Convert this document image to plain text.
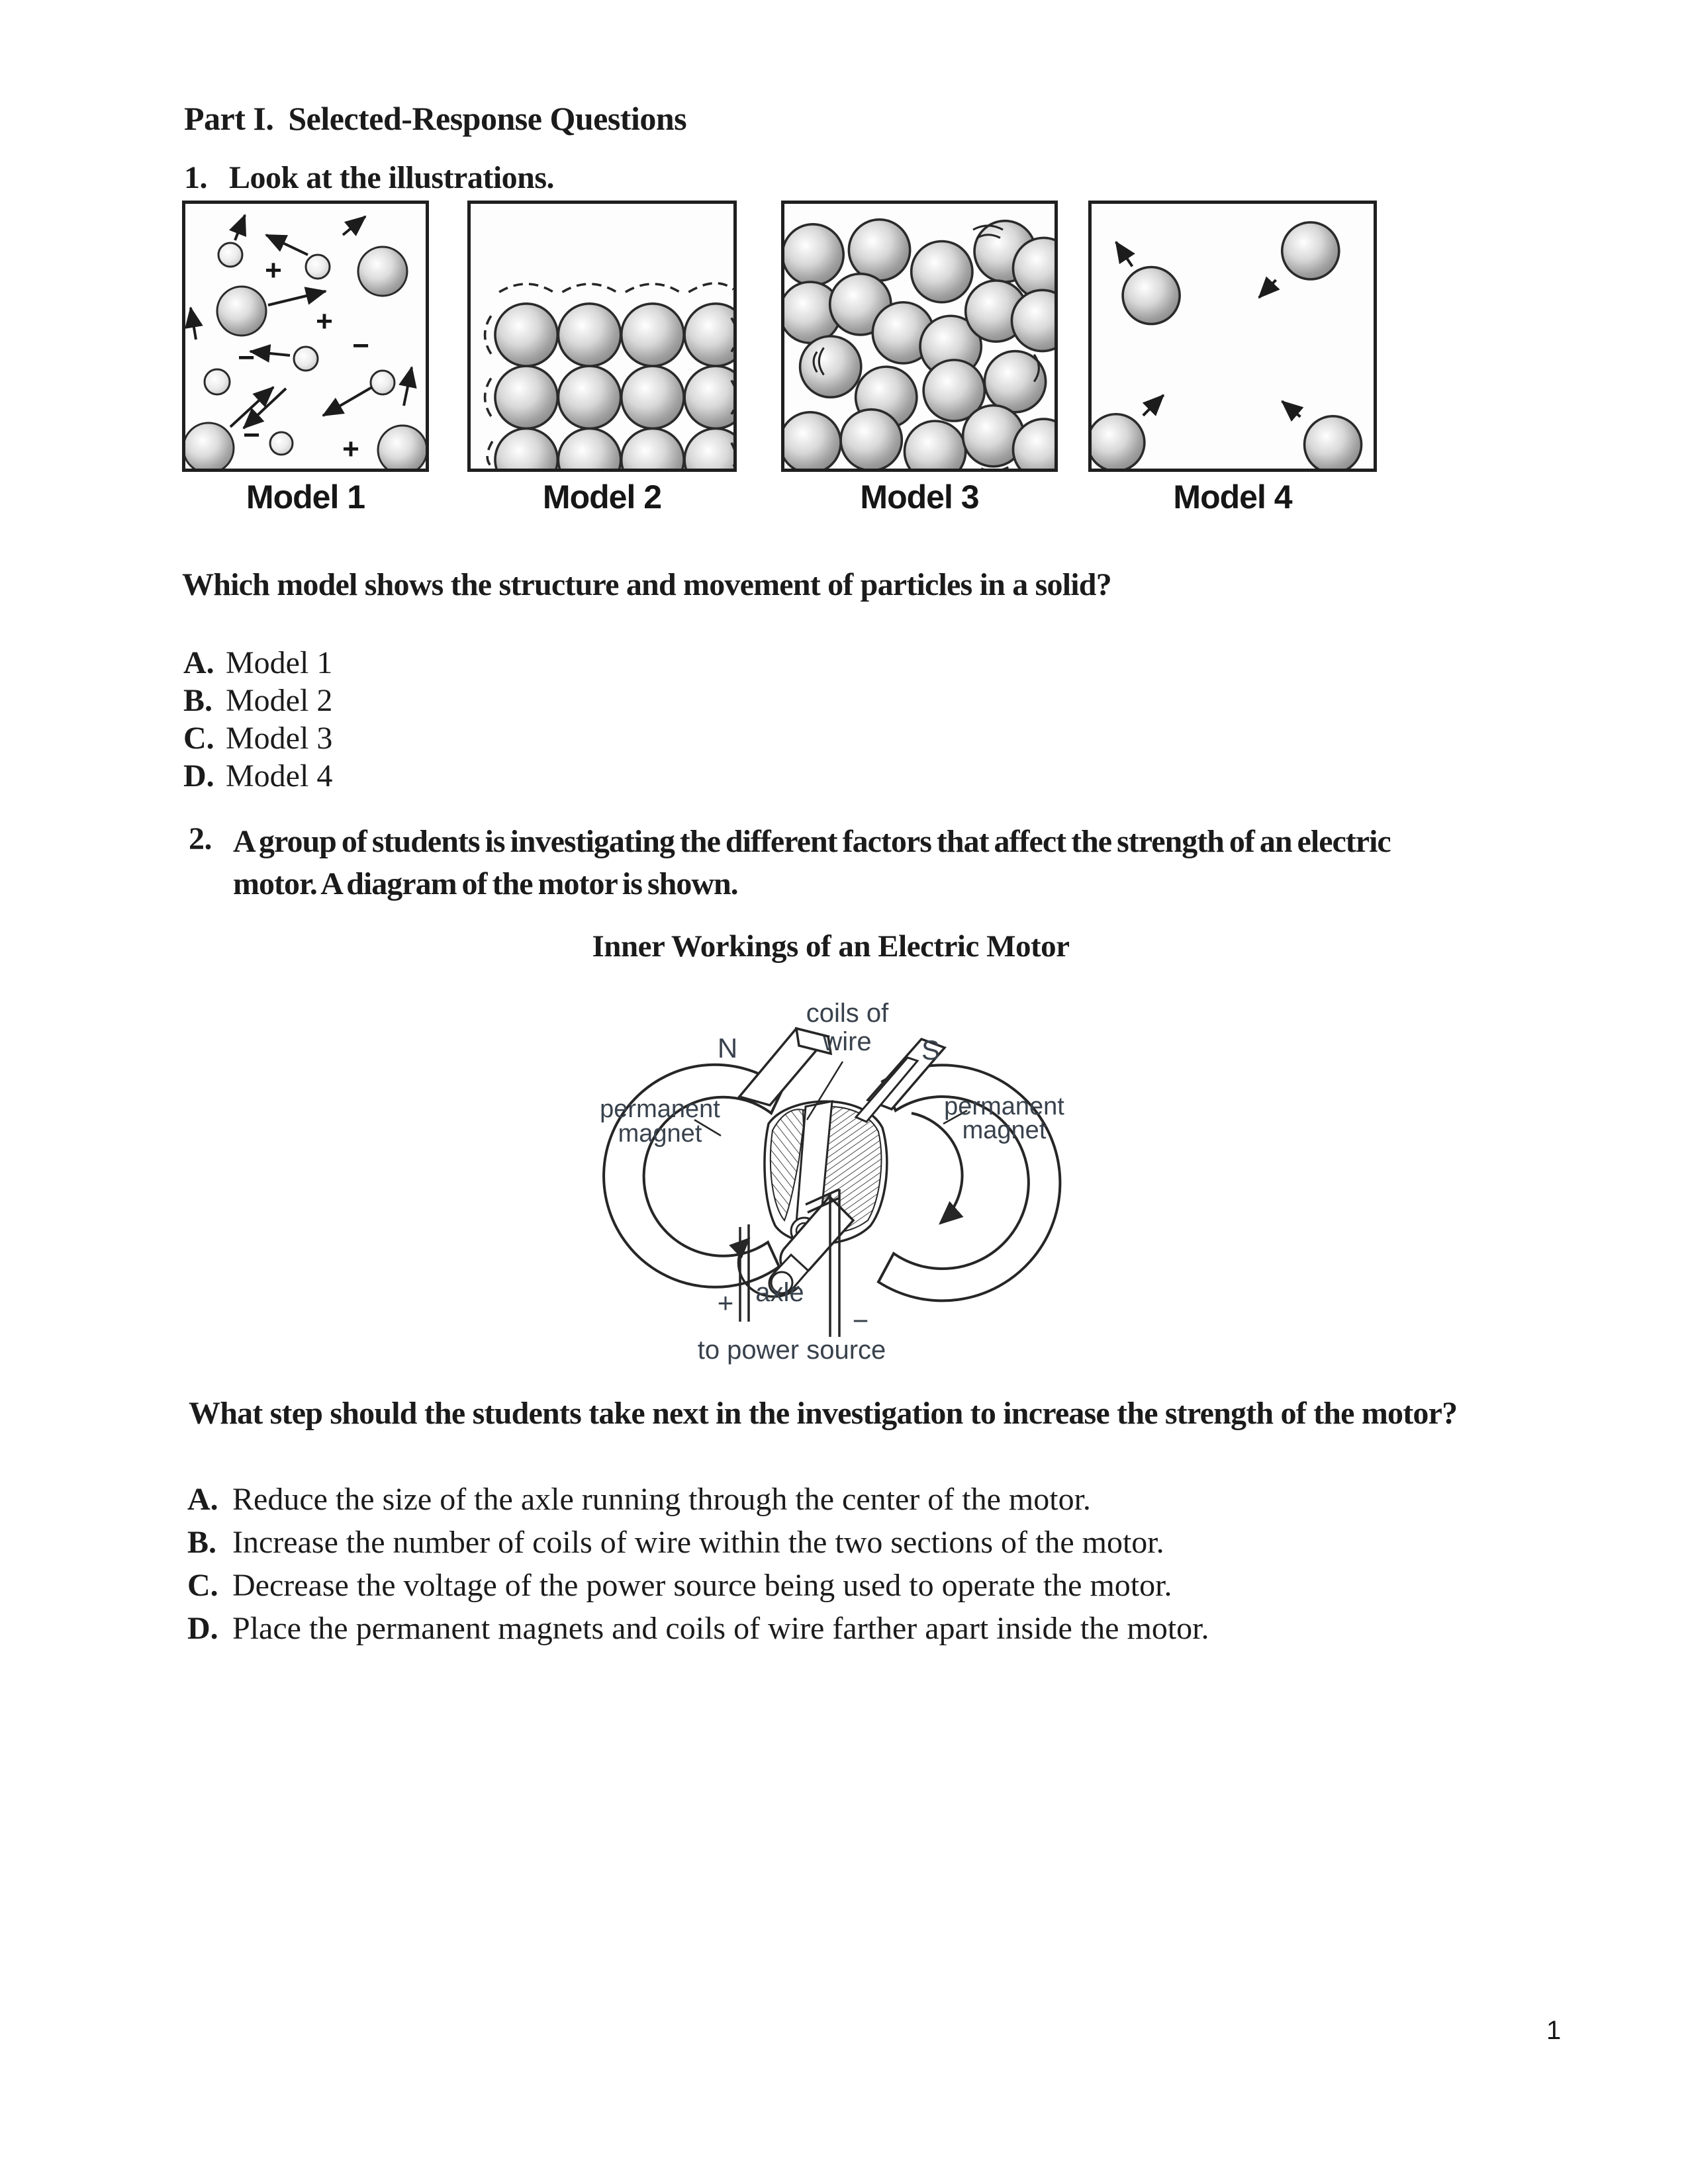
Part I. Selected-Response Questions
1. Look at the illustrations.
+
+
+
−
−
−
Model 1	Model 2	Model 3	Model 4
Which model shows the structure and movement of particles in a solid?
A. Model 1
B. Model 2
C. Model 3
D. Model 4
2. A group of students is investigating the different factors that affect the strength of an electric
motor. A diagram of the motor is shown.
Inner Workings of an Electric Motor
coils of
wire
N	S
permanent
magnet
permanent
magnet
axle
+
−
to power source
What step should the students take next in the investigation to increase the strength of the motor?
A. Reduce the size of the axle running through the center of the motor.
B. Increase the number of coils of wire within the two sections of the motor.
C. Decrease the voltage of the power source being used to operate the motor.
D. Place the permanent magnets and coils of wire farther apart inside the motor.
1
